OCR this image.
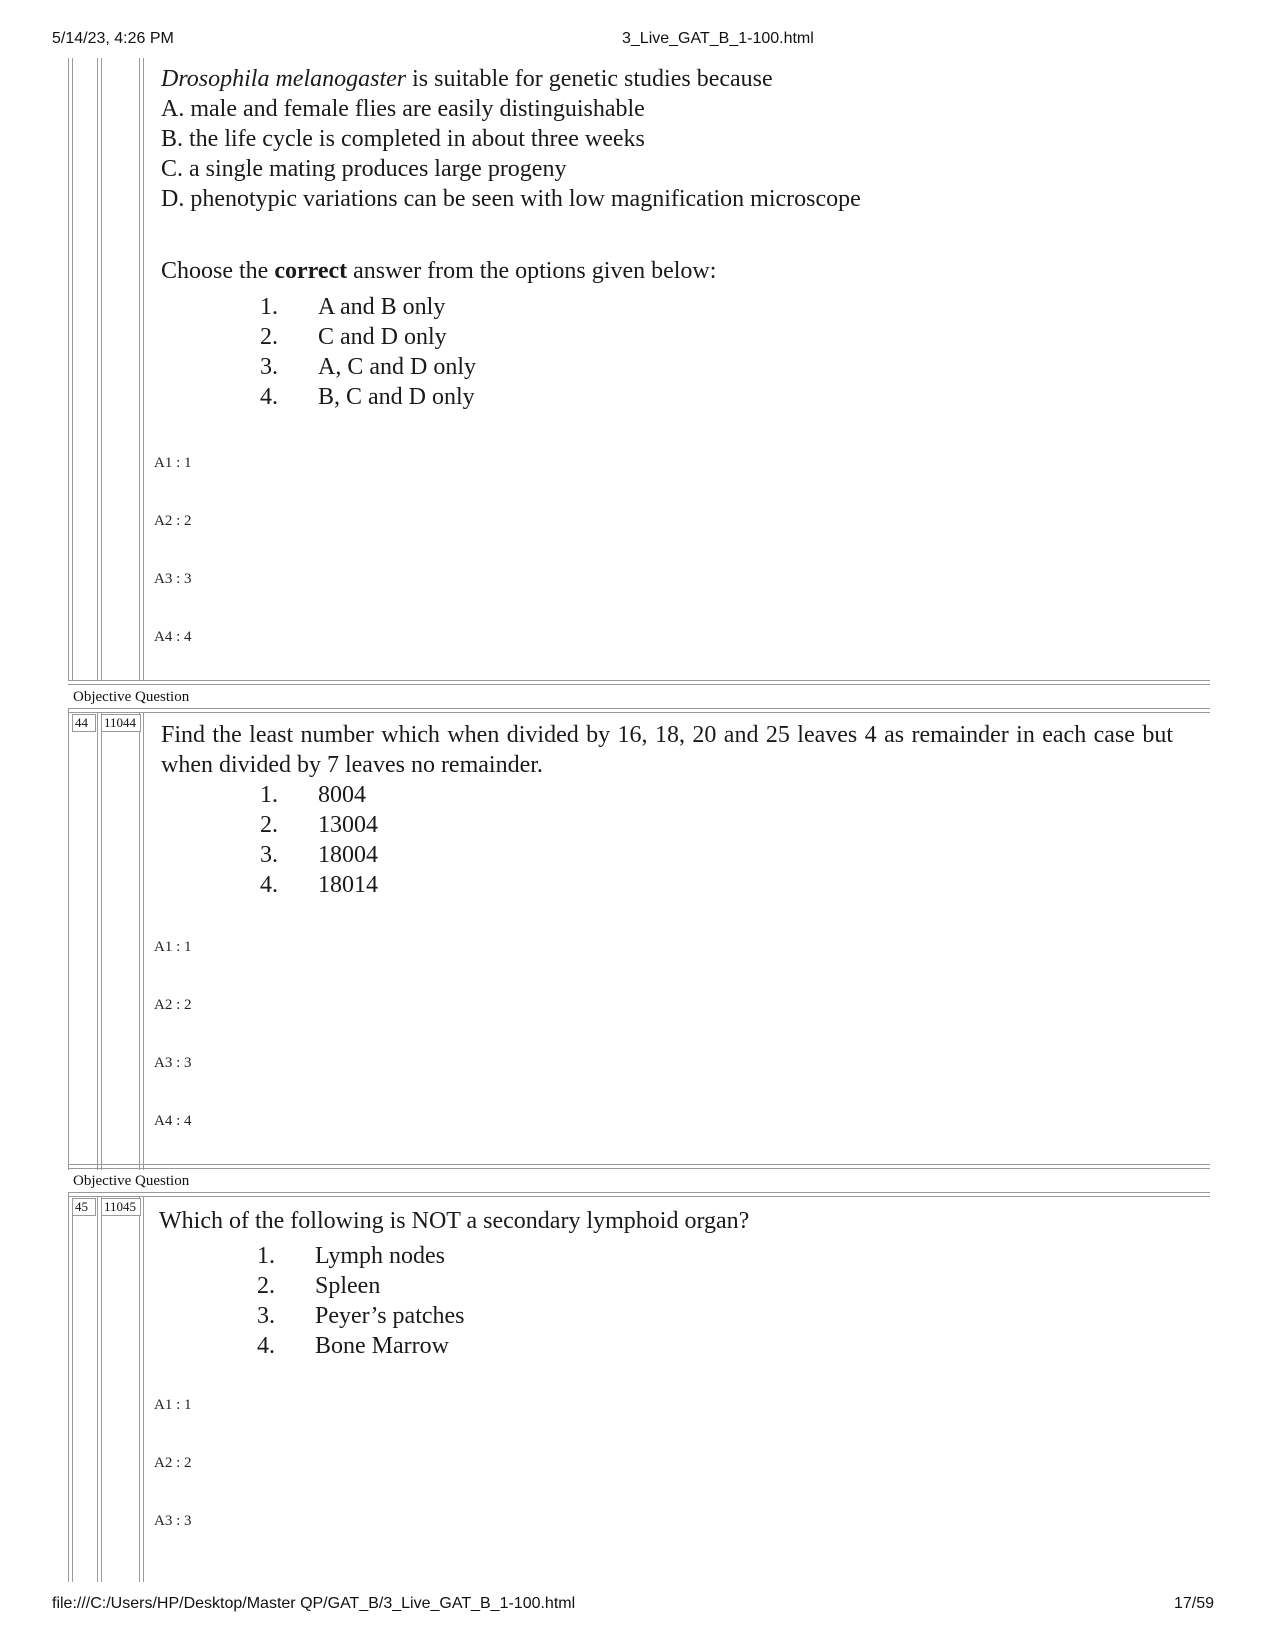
5/14/23, 4:26 PM	3_Live_GAT_B_1-100.html
Drosophila melanogaster is suitable for genetic studies because
A. male and female flies are easily distinguishable
B. the life cycle is completed in about three weeks
C. a single mating produces large progeny
D. phenotypic variations can be seen with low magnification microscope
Choose the correct answer from the options given below:
1. A and B only
2. C and D only
3. A, C and D only
4. B, C and D only
A1 : 1
A2 : 2
A3 : 3
A4 : 4
Objective Question
44	11044 Find the least number which when divided by 16, 18, 20 and 25 leaves 4 as remainder in each case but when divided by 7 leaves no remainder.
1. 8004
2. 13004
3. 18004
4. 18014
A1 : 1
A2 : 2
A3 : 3
A4 : 4
Objective Question
45	11045
Which of the following is NOT a secondary lymphoid organ?
1. Lymph nodes
2. Spleen
3. Peyer’s patches
4. Bone Marrow
A1 : 1
A2 : 2
A3 : 3
file:///C:/Users/HP/Desktop/Master QP/GAT_B/3_Live_GAT_B_1-100.html	17/59
